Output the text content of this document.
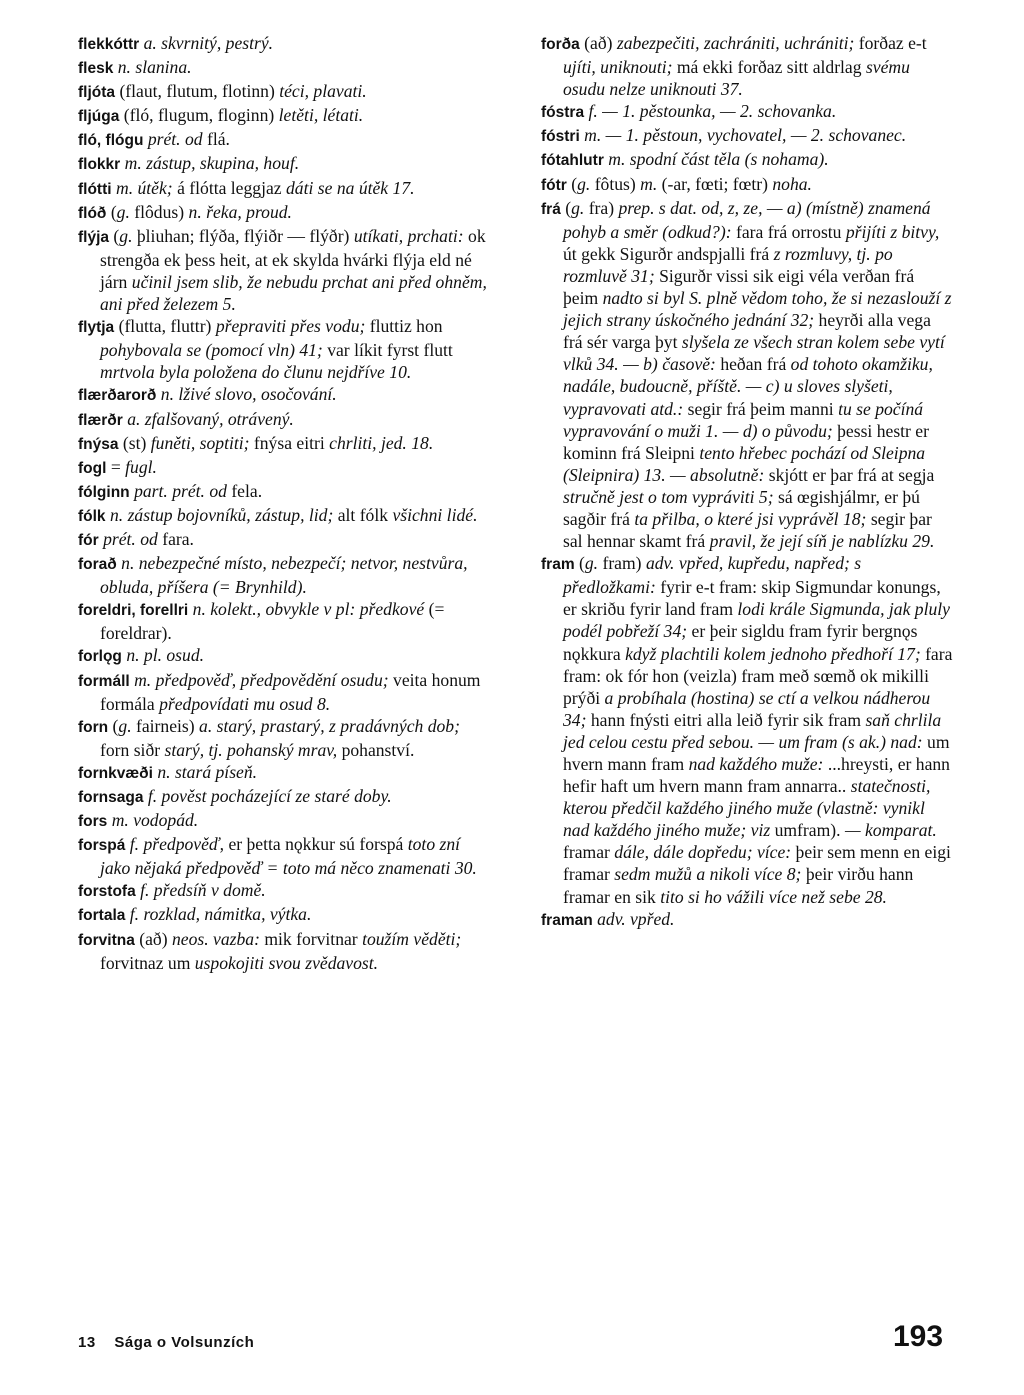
flekkóttr a. skvrnitý, pestrý.

flesk n. slanina.

fljóta (flaut, flutum, flotinn) téci, plavati.

fljúga (fló, flugum, floginn) letěti, létati.

fló, flógu prét. od flá.

flokkr m. zástup, skupina, houf.

flótti m. útěk; á flótta leggjaz dáti se na útěk 17.

flóð (g. flôdus) n. řeka, proud.

flýja (g. þliuhan; flýða, flýiðr — flýðr) utíkati, prchati: ok strengða ek þess heit, at ek skylda hvárki flýja eld né járn učinil jsem slib, že nebudu prchat ani před ohněm, ani před železem 5.

flytja (flutta, fluttr) přepraviti přes vodu; fluttiz hon pohybovala se (pomocí vln) 41; var líkit fyrst flutt mrtvola byla položena do člunu nejdříve 10.

flærðarorð n. lživé slovo, osočování.

flærðr a. zfalšovaný, otrávený.

fnýsa (st) funěti, soptiti; fnýsa eitri chrliti, jed. 18.

fogl = fugl.

fólginn part. prét. od fela.

fólk n. zástup bojovníků, zástup, lid; alt fólk všichni lidé.

fór prét. od fara.

forað n. nebezpečné místo, nebezpečí; netvor, nestvůra, obluda, příšera (= Brynhild).

foreldri, forellri n. kolekt., obvykle v pl: předkové (= foreldrar).

forlǫg n. pl. osud.

formáll m. předpověď, předpovědění osudu; veita honum formála předpovídati mu osud 8.

forn (g. fairneis) a. starý, prastarý, z pradávných dob; forn siðr starý, tj. pohanský mrav, pohanství.

fornkvæði n. stará píseň.

fornsaga f. pověst pocházející ze staré doby.

fors m. vodopád.

forspá f. předpověď, er þetta nǫkkur sú forspá toto zní jako nějaká předpověď = toto má něco znamenati 30.

forstofa f. předsíň v domě.

fortala f. rozklad, námitka, výtka.

forvitna (að) neos. vazba: mik forvitnar toužím věděti; forvitnaz um uspokojiti svou zvědavost.

forða (að) zabezpečiti, zachrániti, uchrániti; forðaz e-t ujíti, uniknouti; má ekki forðaz sitt aldrlag svému osudu nelze uniknouti 37.

fóstra f. — 1. pěstounka, — 2. schovanka.

fóstri m. — 1. pěstoun, vychovatel, — 2. schovanec.

fótahlutr m. spodní část těla (s nohama).

fótr (g. fôtus) m. (-ar, fœti; fœtr) noha.

frá (g. fra) prep. s dat. od, z, ze, — a) (místně) znamená pohyb a směr (odkud?): fara frá orrostu přijíti z bitvy, út gekk Sigurðr andspjalli frá z rozmluvy, tj. po rozmluvě 31; Sigurðr vissi sik eigi véla verðan frá þeim nadto si byl S. plně vědom toho, že si nezaslouží z jejich strany úskočného jednání 32; heyrði alla vega frá sér varga þyt slyšela ze všech stran kolem sebe vytí vlků 34. — b) časově: heðan frá od tohoto okamžiku, nadále, budoucně, příště. — c) u sloves slyšeti, vypravovati atd.: segir frá þeim manni tu se počíná vypravování o muži 1. — d) o původu; þessi hestr er kominn frá Sleipni tento hřebec pochází od Sleipna (Sleipnira) 13. — absolutně: skjótt er þar frá at segja stručně jest o tom vypráviti 5; sá œgishjálmr, er þú sagðir frá ta přilba, o které jsi vyprávěl 18; segir þar sal hennar skamt frá pravil, že její síň je nablízku 29.

fram (g. fram) adv. vpřed, kupředu, napřed; s předložkami: fyrir e-t fram: skip Sigmundar konungs, er skriðu fyrir land fram lodi krále Sigmunda, jak pluly podél pobřeží 34; er þeir sigldu fram fyrir bergnǫs nǫkkura když plachtili kolem jednoho předhoří 17; fara fram: ok fór hon (veizla) fram með sœmð ok mikilli prýði a probíhala (hostina) se ctí a velkou nádherou 34; hann fnýsti eitri alla leið fyrir sik fram saň chrlila jed celou cestu před sebou. — um fram (s ak.) nad: um hvern mann fram nad každého muže: ...hreysti, er hann hefir haft um hvern mann fram annarra.. statečnosti, kterou předčil každého jiného muže (vlastně: vynikl nad každého jiného muže; viz umfram). — komparat. framar dále, dále dopředu; více: þeir sem menn en eigi framar sedm mužů a nikoli více 8; þeir virðu hann framar en sik tito si ho vážili více než sebe 28.

framan adv. vpřed.

13 Sága o Volsunzích	193
